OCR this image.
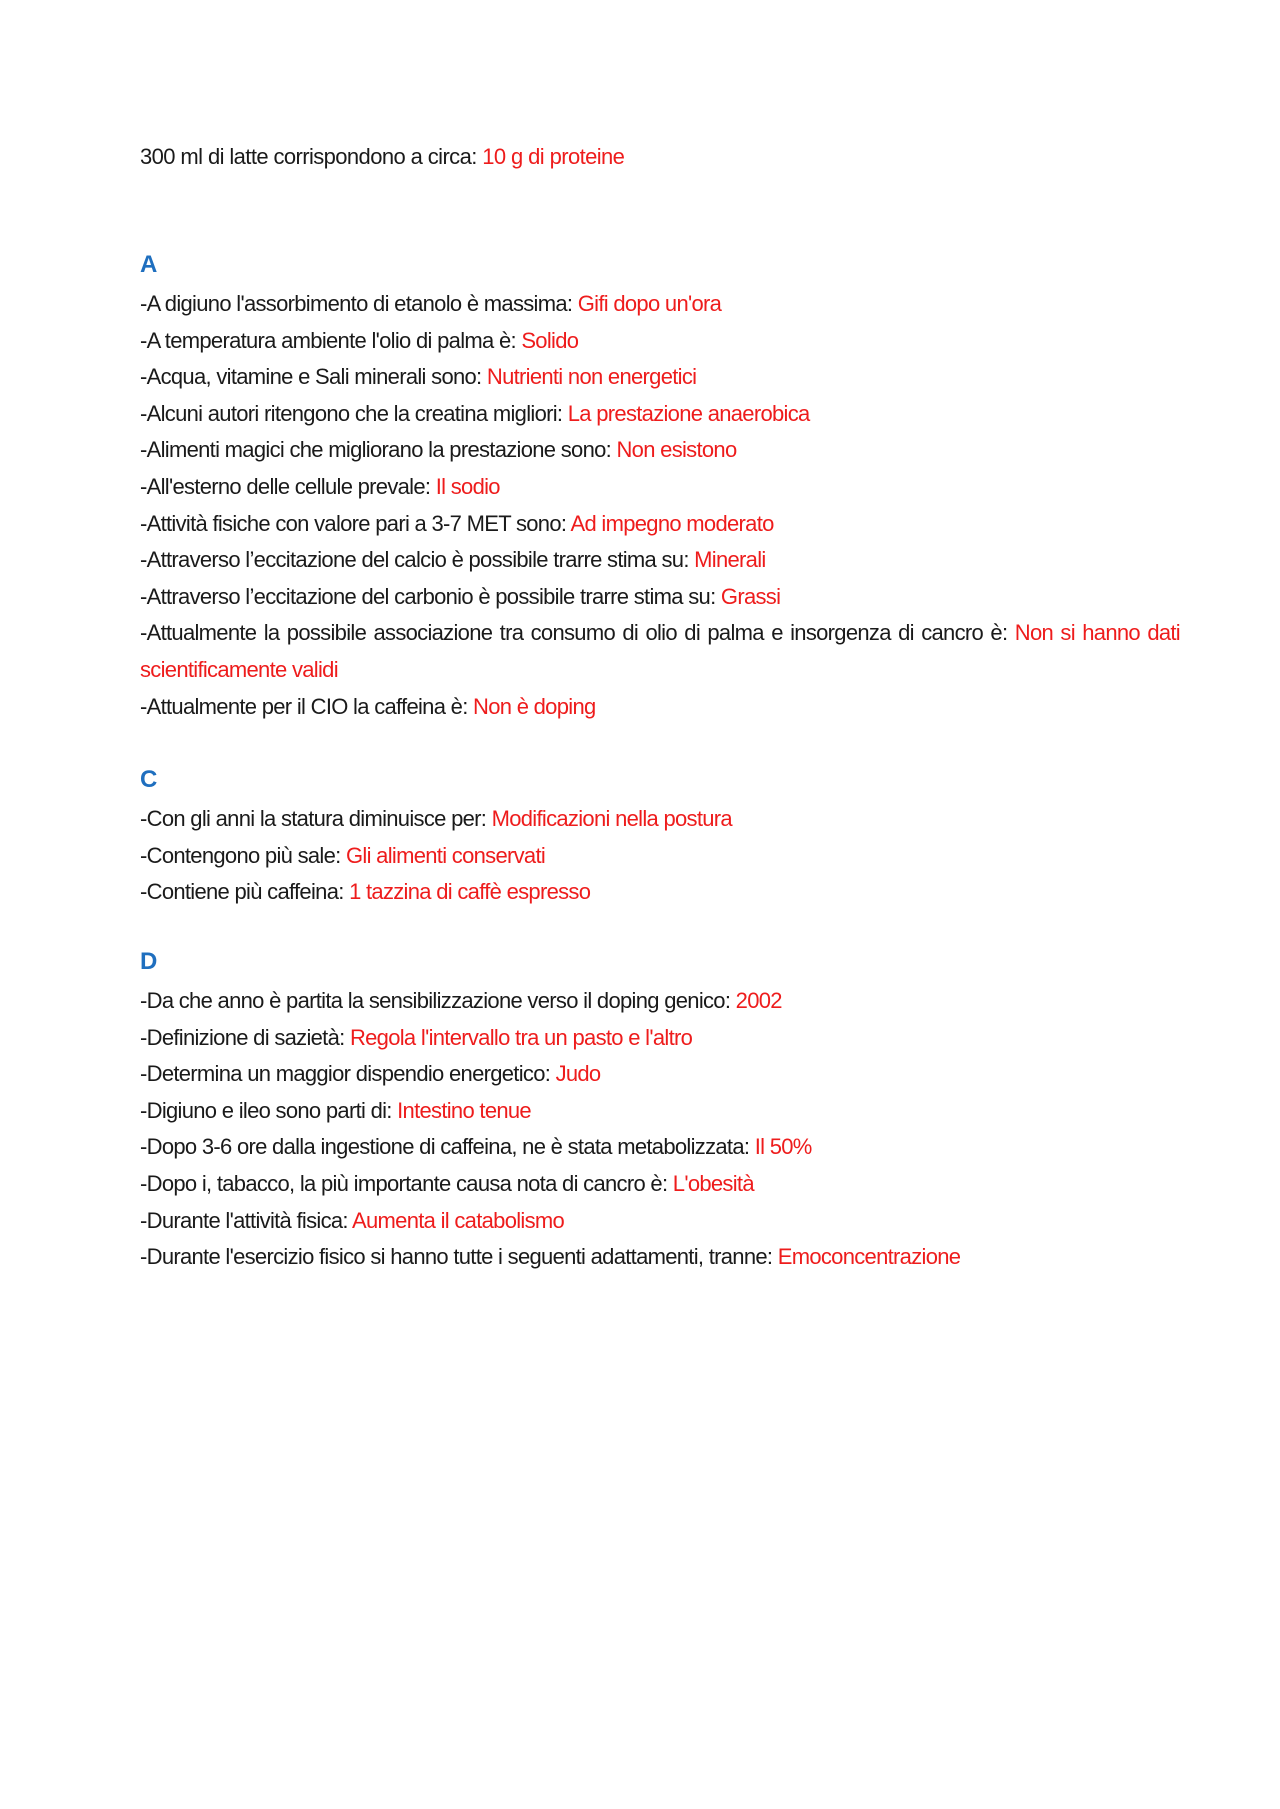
300 ml di latte corrispondono a circa: 10 g di proteine
A
-A digiuno l'assorbimento di etanolo è massima: Gifi dopo un'ora
-A temperatura ambiente l'olio di palma è: Solido
-Acqua, vitamine e Sali minerali sono: Nutrienti non energetici
-Alcuni autori ritengono che la creatina migliori: La prestazione anaerobica
-Alimenti magici che migliorano la prestazione sono: Non esistono
-All'esterno delle cellule prevale: Il sodio
-Attività fisiche con valore pari a 3-7 MET sono: Ad impegno moderato
-Attraverso l’eccitazione del calcio è possibile trarre stima su: Minerali
-Attraverso l’eccitazione del carbonio è possibile trarre stima su: Grassi
-Attualmente la possibile associazione tra consumo di olio di palma e insorgenza di cancro è: Non si hanno dati scientificamente validi
-Attualmente per il CIO la caffeina è: Non è doping
C
-Con gli anni la statura diminuisce per: Modificazioni nella postura
-Contengono più sale: Gli alimenti conservati
-Contiene più caffeina: 1 tazzina di caffè espresso
D
-Da che anno è partita la sensibilizzazione verso il doping genico: 2002
-Definizione di sazietà: Regola l'intervallo tra un pasto e l'altro
-Determina un maggior dispendio energetico: Judo
-Digiuno e ileo sono parti di: Intestino tenue
-Dopo 3-6 ore dalla ingestione di caffeina, ne è stata metabolizzata: Il 50%
-Dopo i, tabacco, la più importante causa nota di cancro è: L'obesità
-Durante l'attività fisica: Aumenta il catabolismo
-Durante l'esercizio fisico si hanno tutte i seguenti adattamenti, tranne: Emoconcentrazione
